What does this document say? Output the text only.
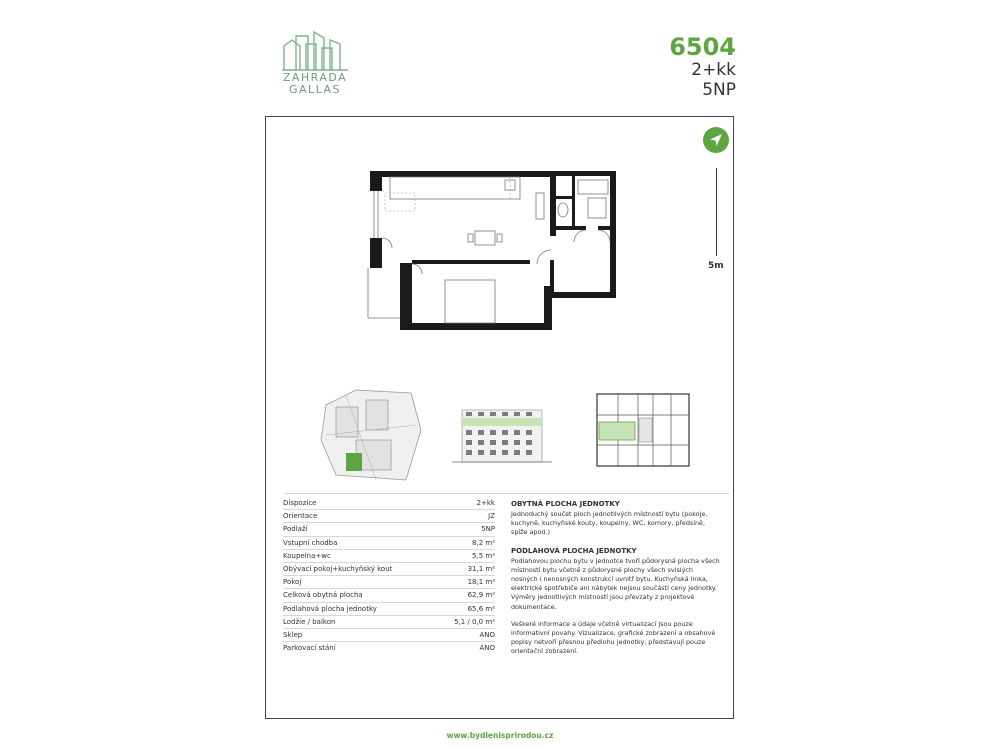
ZAHRADA
GALLAS
6504
2+kk
5NP
5m
Dispozice	2+kk
Orientace	JZ
Podlaží	5NP
Vstupní chodba	8,2 m²
Koupelna+wc	5,5 m²
Obývací pokoj+kuchyňský kout	31,1 m²
Pokoj	18,1 m²
Celková obytná plocha	62,9 m²
Podlahová plocha jednotky	65,6 m²
Lodžie / balkon	5,1 / 0,0 m²
Sklep	ANO
Parkovací stání	ANO
OBYTNÁ PLOCHA JEDNOTKY

Jednoduchý součet ploch jednotlivých místností bytu (pokoje, kuchyně, kuchyňské kouty, koupelny, WC, komory, předsíně, spíže apod.)

PODLAHOVÁ PLOCHA JEDNOTKY

Podlahovou plochu bytu v jednotce tvoří půdorysná plocha všech místností bytu včetně z půdorysné plochy všech svislých nosných i nenosných konstrukcí uvnitř bytu. Kuchyňská linka, elektrické spotřebiče ani nábytek nejsou součástí ceny jednotky. Výměry jednotlivých místností jsou převzaty z projektové dokumentace.

Veškeré informace a údaje včetně virtualizací jsou pouze informativní povahy. Vizualizace, grafické zobrazení a obsahové popisy netvoří přesnou předlohu jednotky, představují pouze orientační zobrazení.

www.bydlenisprirodou.cz
